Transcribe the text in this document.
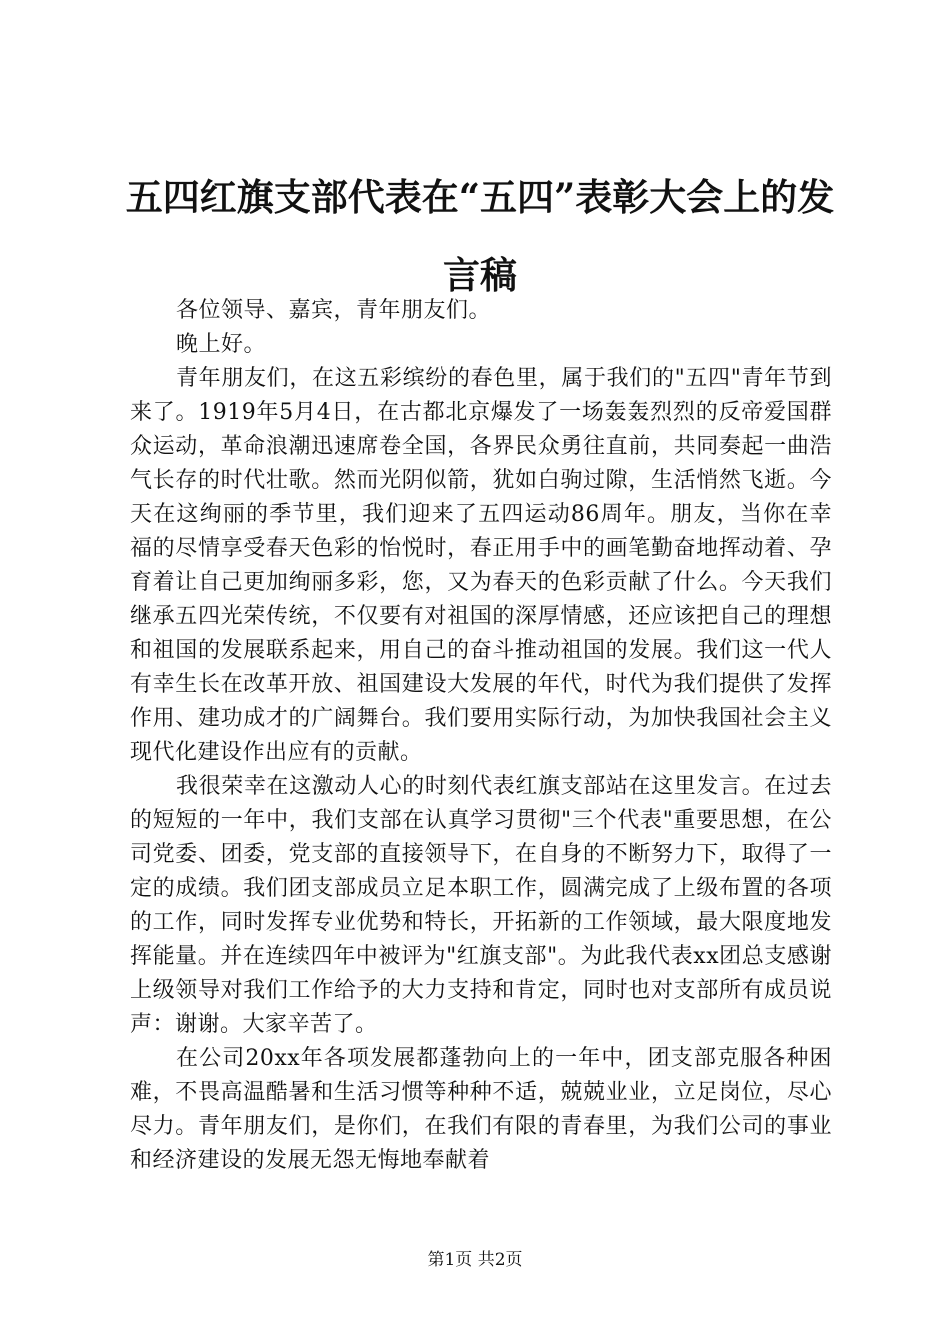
五四红旗支部代表在“五四”表彰大会上的发言稿

各位领导、嘉宾，青年朋友们。

晚上好。

青年朋友们，在这五彩缤纷的春色里，属于我们的"五四"青年节到来了。1919年5月4日，在古都北京爆发了一场轰轰烈烈的反帝爱国群众运动，革命浪潮迅速席卷全国，各界民众勇往直前，共同奏起一曲浩气长存的时代壮歌。然而光阴似箭，犹如白驹过隙，生活悄然飞逝。今天在这绚丽的季节里，我们迎来了五四运动86周年。朋友，当你在幸福的尽情享受春天色彩的怡悦时，春正用手中的画笔勤奋地挥动着、孕育着让自己更加绚丽多彩，您，又为春天的色彩贡献了什么。今天我们继承五四光荣传统，不仅要有对祖国的深厚情感，还应该把自己的理想和祖国的发展联系起来，用自己的奋斗推动祖国的发展。我们这一代人有幸生长在改革开放、祖国建设大发展的年代，时代为我们提供了发挥作用、建功成才的广阔舞台。我们要用实际行动，为加快我国社会主义现代化建设作出应有的贡献。

我很荣幸在这激动人心的时刻代表红旗支部站在这里发言。在过去的短短的一年中，我们支部在认真学习贯彻"三个代表"重要思想，在公司党委、团委，党支部的直接领导下，在自身的不断努力下，取得了一定的成绩。我们团支部成员立足本职工作，圆满完成了上级布置的各项的工作，同时发挥专业优势和特长，开拓新的工作领域，最大限度地发挥能量。并在连续四年中被评为"红旗支部"。为此我代表xx团总支感谢上级领导对我们工作给予的大力支持和肯定，同时也对支部所有成员说声：谢谢。大家辛苦了。

在公司20xx年各项发展都蓬勃向上的一年中，团支部克服各种困难，不畏高温酷暑和生活习惯等种种不适，兢兢业业，立足岗位，尽心尽力。青年朋友们，是你们，在我们有限的青春里，为我们公司的事业和经济建设的发展无怨无悔地奉献着

第1页 共2页
